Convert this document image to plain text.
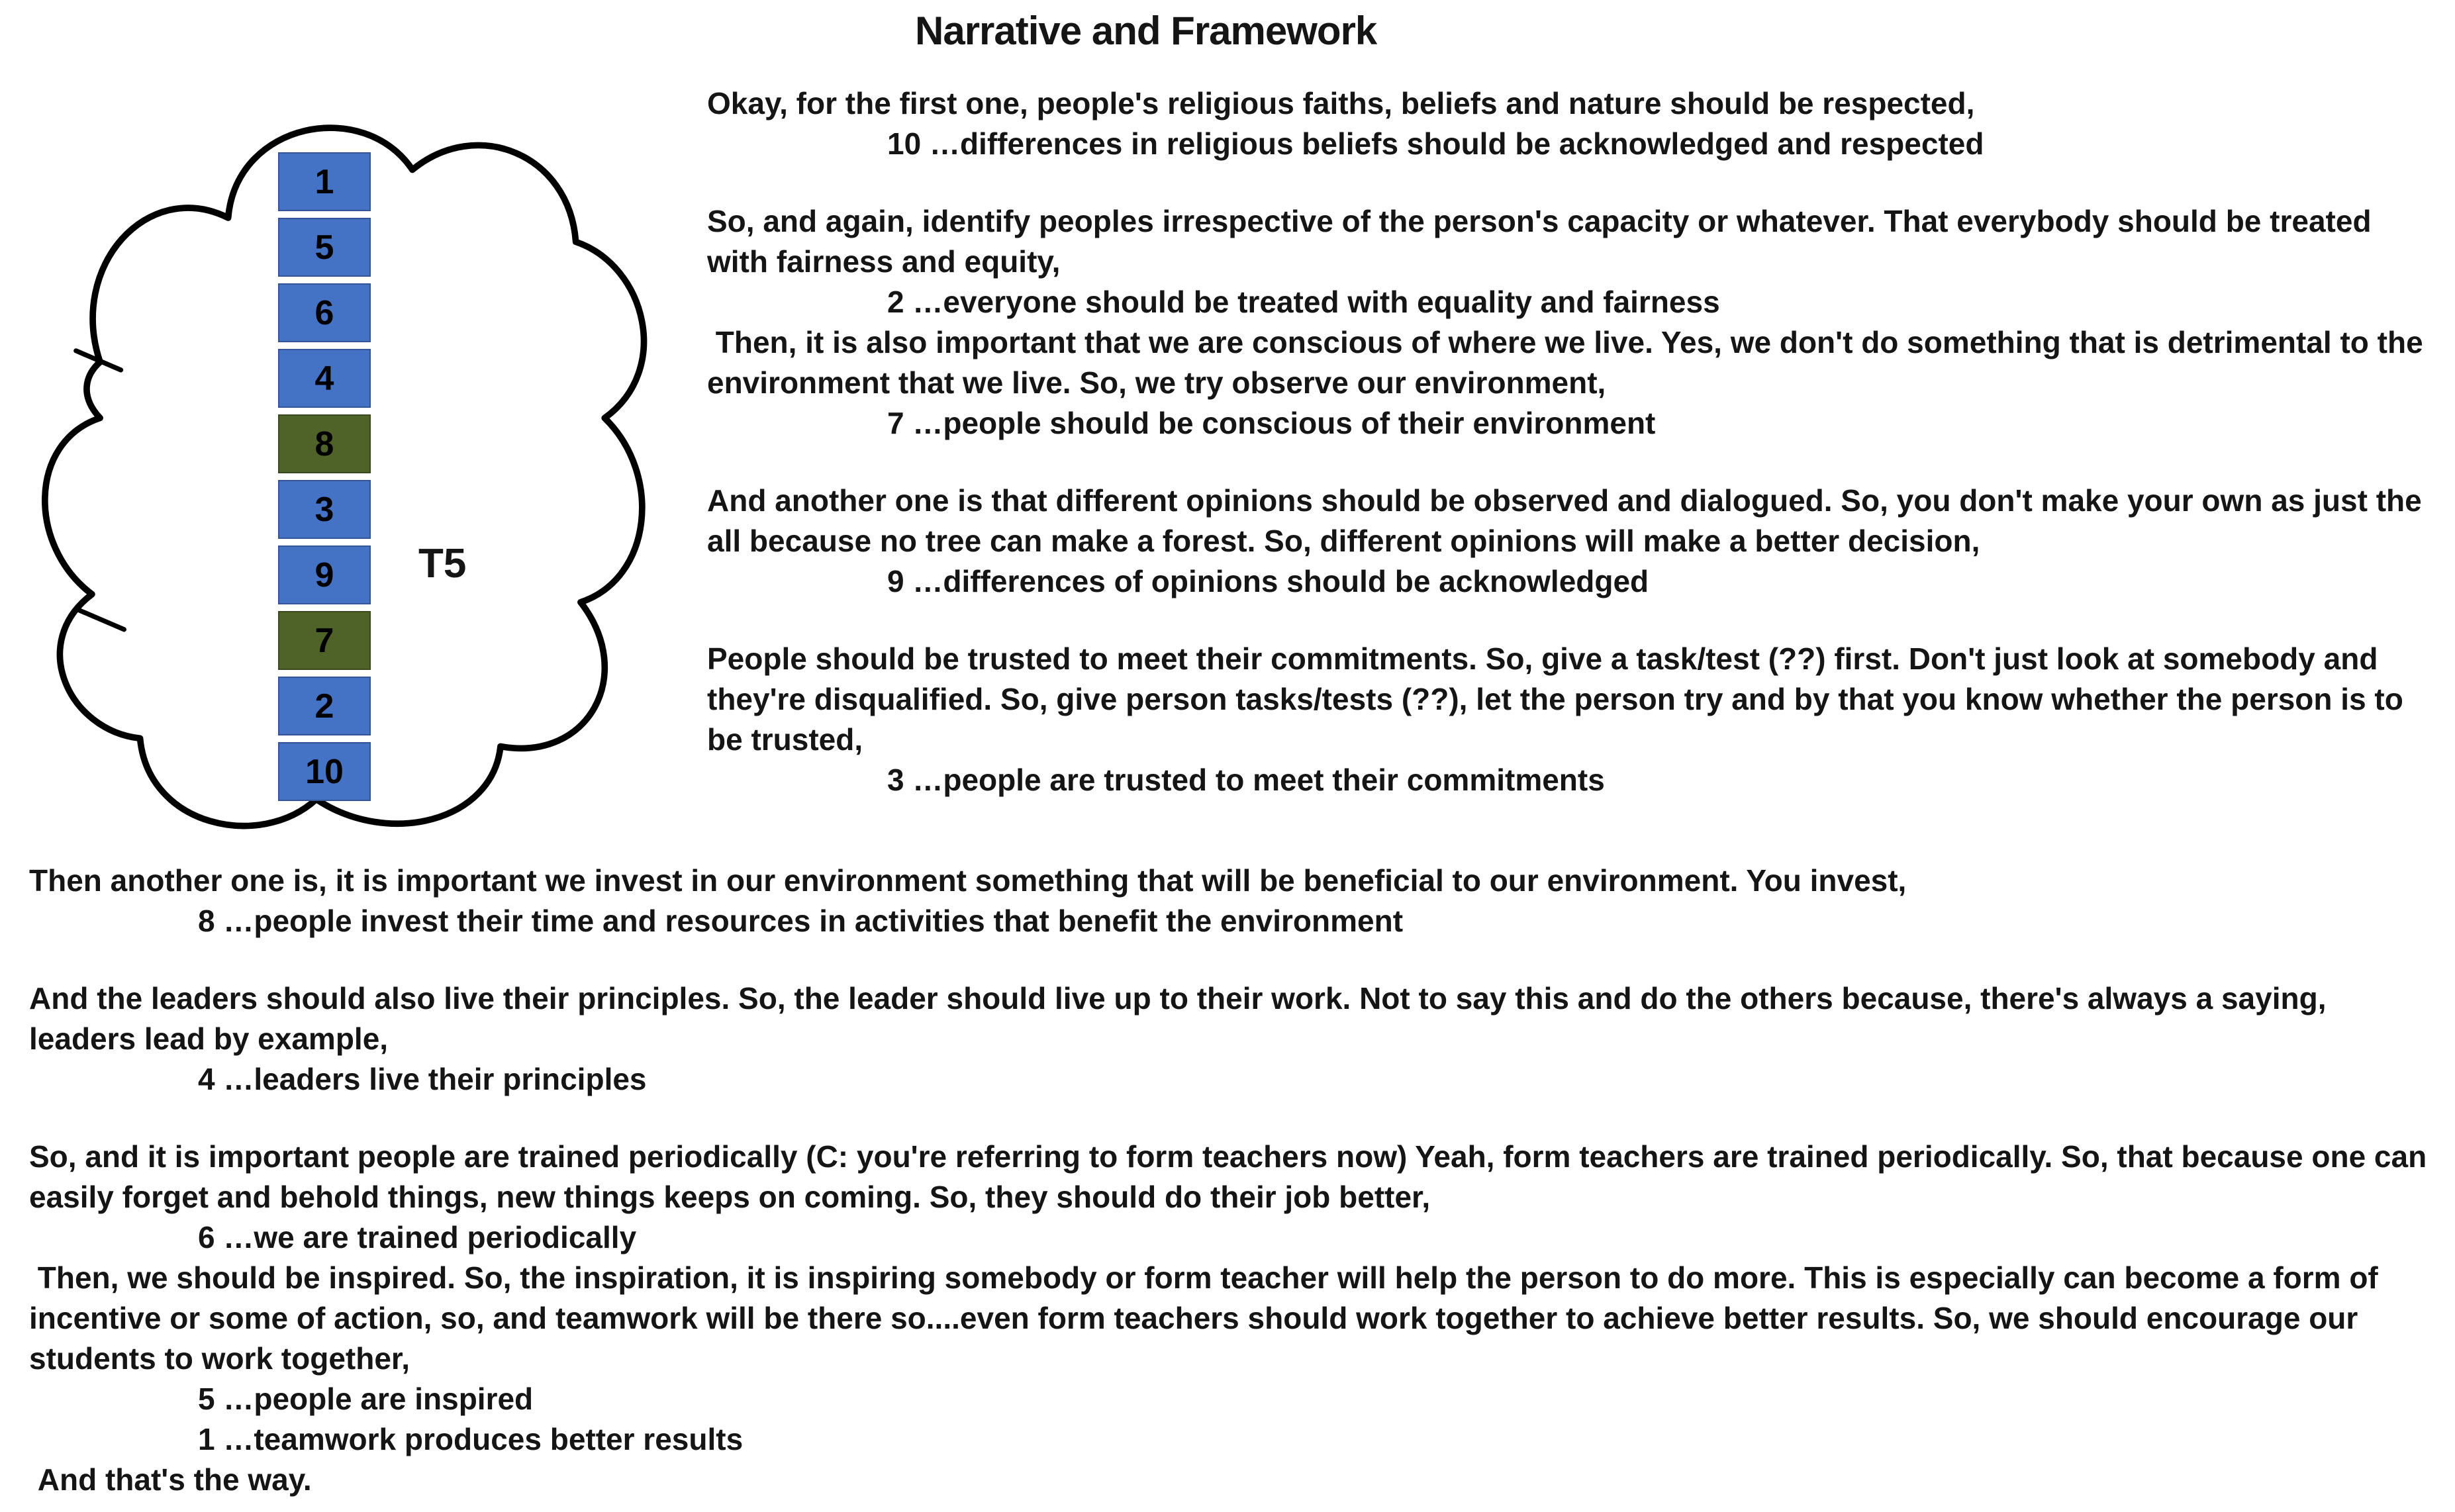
Narrative and Framework
1
5
6
4
8
3
9
7
2
10
T5
Okay, for the first one, people's religious faiths, beliefs and nature should be respected,
10 …differences in religious beliefs should be acknowledged and respected
So, and again, identify peoples irrespective of the person's capacity or whatever. That everybody should be treated with fairness and equity,
2 …everyone should be treated with equality and fairness
Then, it is also important that we are conscious of where we live. Yes, we don't do something that is detrimental to the environment that we live. So, we try observe our environment,
7 …people should be conscious of their environment
And another one is that different opinions should be observed and dialogued. So, you don't make your own as just the all because no tree can make a forest. So, different opinions will make a better decision,
9 …differences of opinions should be acknowledged
People should be trusted to meet their commitments. So, give a task/test (??) first. Don't just look at somebody and they're disqualified. So, give person tasks/tests (??), let the person try and by that you know whether the person is to be trusted,
3 …people are trusted to meet their commitments
Then another one is, it is important we invest in our environment something that will be beneficial to our environment. You invest,
8 …people invest their time and resources in activities that benefit the environment
And the leaders should also live their principles. So, the leader should live up to their work. Not to say this and do the others because, there's always a saying, leaders lead by example,
4 …leaders live their principles
So, and it is important people are trained periodically (C: you're referring to form teachers now) Yeah, form teachers are trained periodically. So, that because one can easily forget and behold things, new things keeps on coming. So, they should do their job better,
6 …we are trained periodically
Then, we should be inspired. So, the inspiration, it is inspiring somebody or form teacher will help the person to do more. This is especially can become a form of incentive or some of action, so, and teamwork will be there so....even form teachers should work together to achieve better results. So, we should encourage our students to work together,
5 …people are inspired
1 …teamwork produces better results
And that's the way.
